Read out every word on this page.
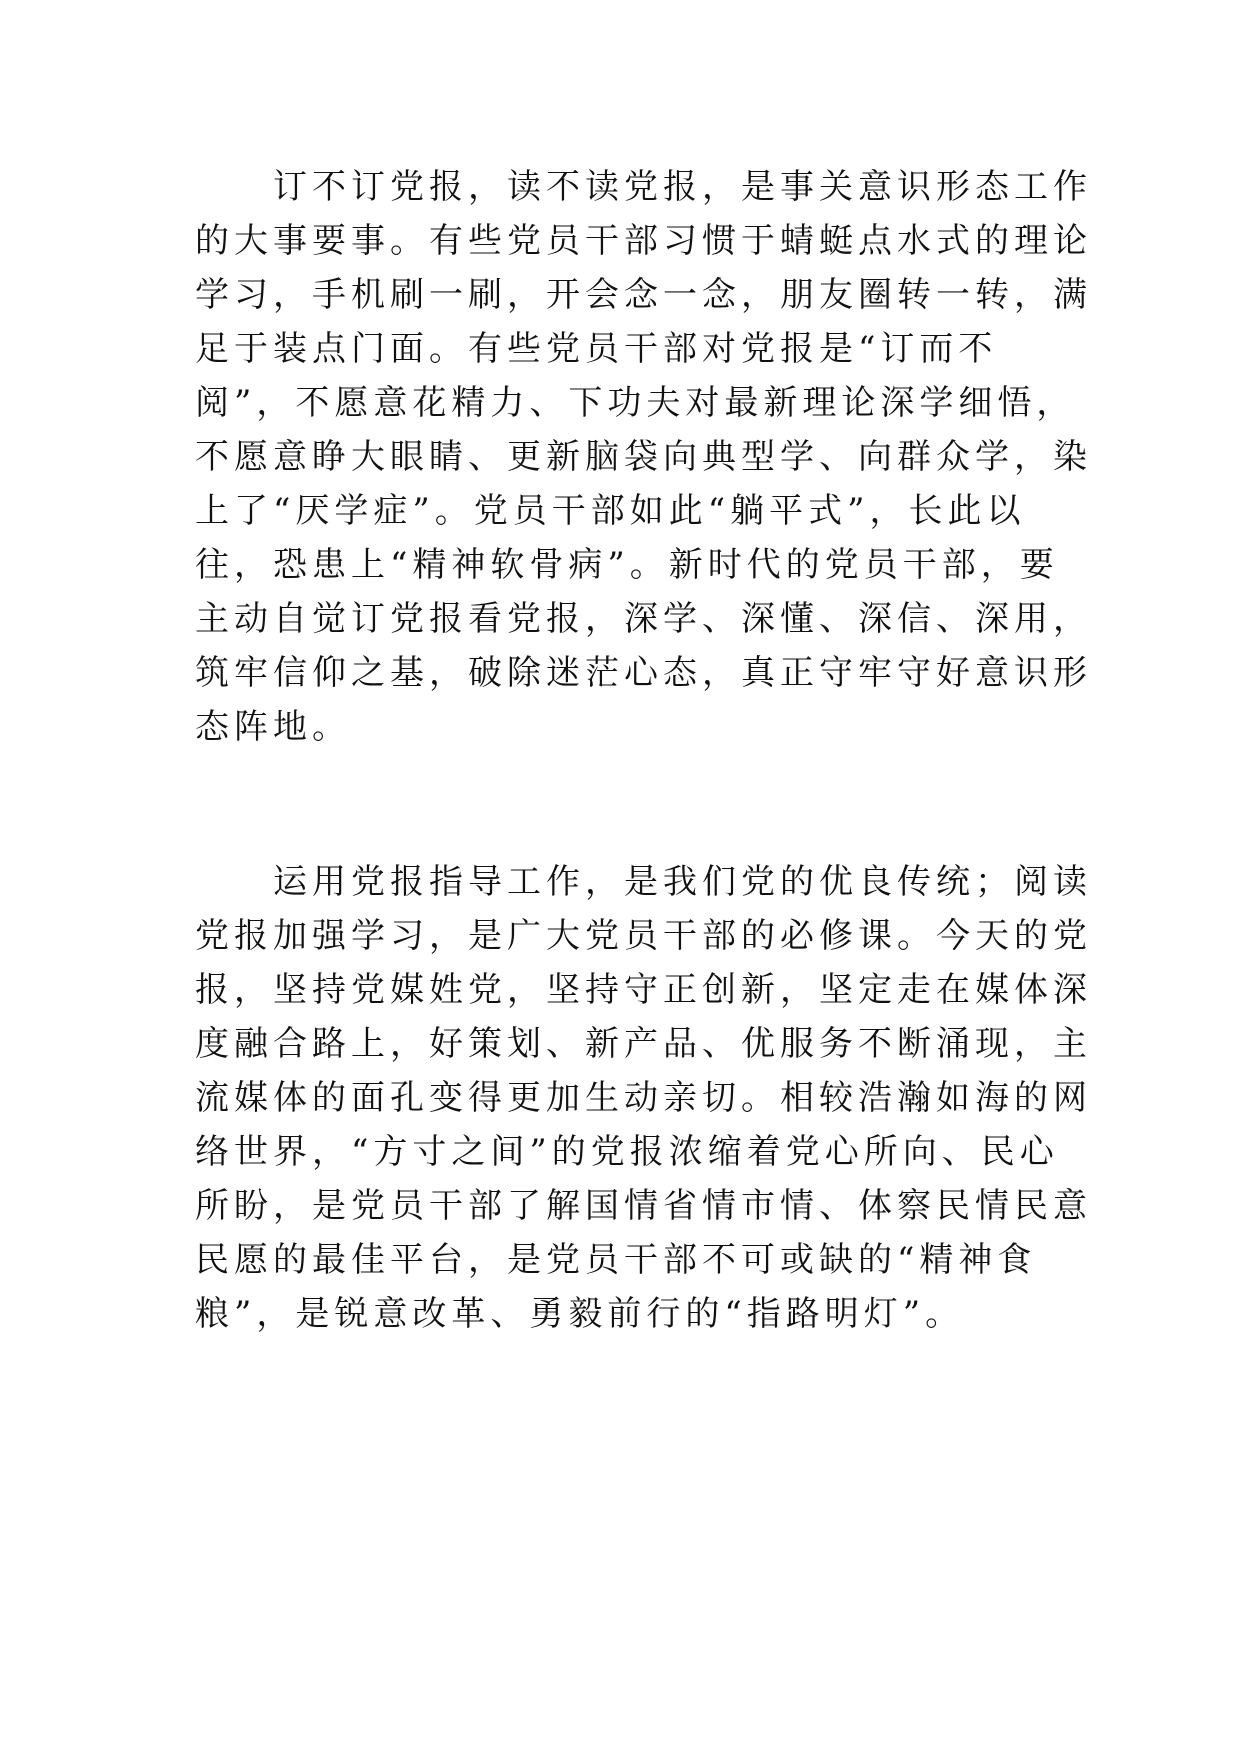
　　订不订党报，读不读党报，是事关意识形态工作
的大事要事。有些党员干部习惯于蜻蜓点水式的理论
学习，手机刷一刷，开会念一念，朋友圈转一转，满
足于装点门面。有些党员干部对党报是“订而不
阅”，不愿意花精力、下功夫对最新理论深学细悟，
不愿意睁大眼睛、更新脑袋向典型学、向群众学，染
上了“厌学症”。党员干部如此“躺平式”，长此以
往，恐患上“精神软骨病”。新时代的党员干部，要
主动自觉订党报看党报，深学、深懂、深信、深用，
筑牢信仰之基，破除迷茫心态，真正守牢守好意识形
态阵地。
　　运用党报指导工作，是我们党的优良传统；阅读
党报加强学习，是广大党员干部的必修课。今天的党
报，坚持党媒姓党，坚持守正创新，坚定走在媒体深
度融合路上，好策划、新产品、优服务不断涌现，主
流媒体的面孔变得更加生动亲切。相较浩瀚如海的网
络世界，“方寸之间”的党报浓缩着党心所向、民心
所盼，是党员干部了解国情省情市情、体察民情民意
民愿的最佳平台，是党员干部不可或缺的“精神食
粮”，是锐意改革、勇毅前行的“指路明灯”。
